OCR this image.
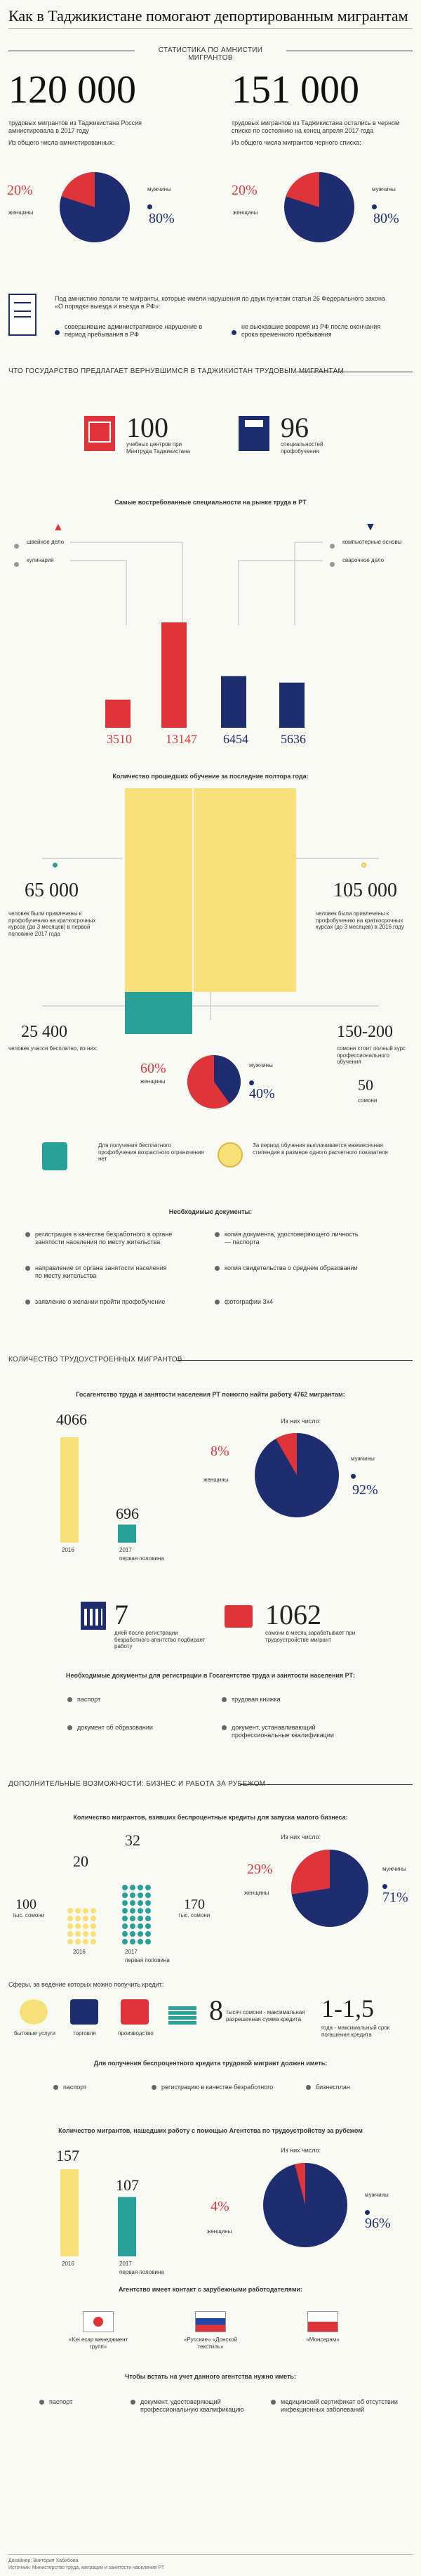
Как в Таджикистане помогают депортированным мигрантам
СТАТИСТИКА ПО АМНИСТИИ МИГРАНТОВ
120 000
трудовых мигрантов из Таджикистана Россия амнистировала в 2017 году
Из общего числа амнистированных:
151 000
трудовых мигрантов из Таджикистана остались в черном списке по состоянию на конец апреля 2017 года
Из общего числа мигрантов черного списка:
20%
женщины
мужчины
80%
20%
женщины
мужчины
80%
Под амнистию попали те мигранты, которые имели нарушения по двум пунктам статьи 26 Федерального закона «О порядке выезда и въезда в РФ»:
совершившие административное нарушение в период пребывания в РФ
не выехавшие вовремя из РФ после окончания срока временного пребывания
ЧТО ГОСУДАРСТВО ПРЕДЛАГАЕТ ВЕРНУВШИМСЯ В ТАДЖИКИСТАН ТРУДОВЫМ МИГРАНТАМ
100
учебных центров при Минтруда Таджикистана
96
специальностей профобучения
Самые востребованные специальности на рынке труда в РТ
▲	▼
швейное дело
кулинария
компьютерные основы
сварочное дело
3510	13147 6454	5636
Количество прошедших обучение за последние полтора года:
65 000
человек были привлечены к профобучению на краткосрочных курсах (до 3 месяцев) в первой половине 2017 года
105 000
человек были привлечены к профобучению на краткосрочных курсах (до 3 месяцев) в 2016 году
25 400
человек учатся бесплатно, из них:
150-200
сомони стоит полный курс профессионального обучения
50
сомони
60%
женщины
мужчины
40%
Для получения бесплатного профобучения возрастного ограничения нет
За период обучения выплачивается ежемесячная стипендия в размере одного расчетного показателя
Необходимые документы:
регистрация в качестве безработного в органе занятости населения по месту жительства
копия документа, удостоверяющего личность — паспорта
направление от органа занятости населения по месту жительства
копия свидетельства о среднем образовании
заявление о желании пройти профобучение	фотографии 3х4
КОЛИЧЕСТВО ТРУДОУСТРОЕННЫХ МИГРАНТОВ
Госагентство труда и занятости населения РТ помогло найти работу 4762 мигрантам:
4066
696
2016	2017
первая половина
Из них число:
8%
женщины
мужчины
92%
7
дней после регистрации безработного агентство подбирает работу
1062
сомони в месяц зарабатывает при трудоустройстве мигрант
Необходимые документы для регистрации в Госагентстве труда и занятости населения РТ:
паспорт	трудовая книжка
документ об образовании	документ, устанавливающий профессиональные квалификации
ДОПОЛНИТЕЛЬНЫЕ ВОЗМОЖНОСТИ: БИЗНЕС И РАБОТА ЗА РУБЕЖОМ
Количество мигрантов, взявших беспроцентные кредиты для запуска малого бизнеса:
100
тыс. сомони
20
32
170
тыс. сомони
2016	2017
первая половина
Из них число:
29%
женщины
мужчины
71%
Сферы, за ведение которых можно получить кредит:
бытовые услуги	торговля	производство
8 тысяч сомони - максимальная разрешенная сумма кредита 1-1,5
года - максимальный срок погашения кредита
Для получения беспроцентного кредита трудовой мигрант должен иметь:
паспорт	регистрацию в качестве безработного	бизнесплан
Количество мигрантов, нашедших работу с помощью Агентства по трудоустройству за рубежом
157
107
2016	2017
первая половина
Из них число:
4%
женщины
мужчины
96%
Агентство имеет контакт с зарубежными работодателями:
«Kei ecap менеджмент групп»
«Русские» «Донской текстиль»
«Монсерам»
Чтобы встать на учет данного агентства нужно иметь:
паспорт	документ, удостоверяющий профессиональную квалификацию
медицинский сертификат об отсутствии инфекционных заболеваний
Дизайнер: Виктория Хабибова
Источник: Министерство труда, миграции и занятости населения РТ
